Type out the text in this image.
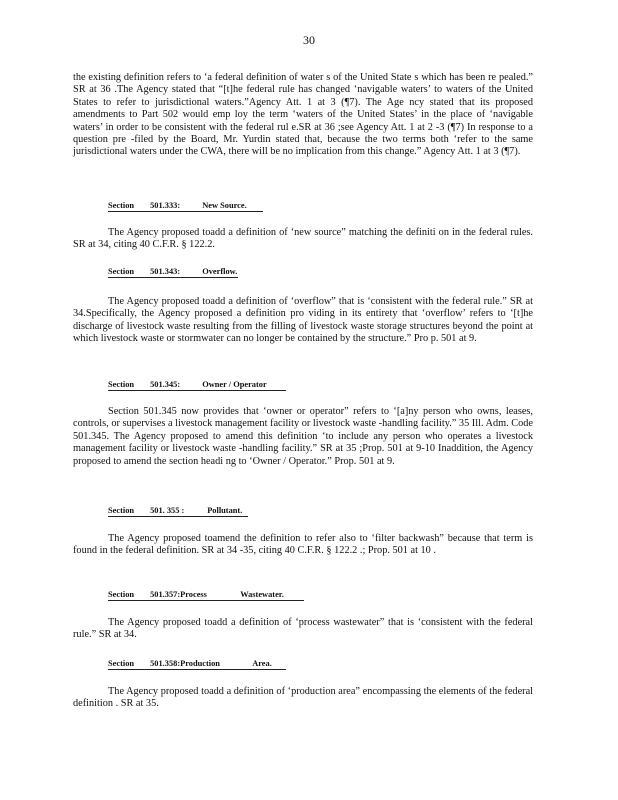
30

the existing definition refers to ‘a federal definition of water s of the United State s which has been re pealed.” SR at 36 .The Agency stated that “[t]he federal rule has changed ‘navigable waters’ to waters of the United States to refer to jurisdictional waters.”Agency Att. 1 at 3 (¶7). The Age ncy stated that its proposed amendments to Part 502 would emp loy the term ‘waters of the United States’ in the place of ‘navigable waters’ in order to be consistent with the federal rul e.SR at 36 ;see Agency Att. 1 at 2 -3 (¶7) In response to a question pre -filed by the Board, Mr. Yurdin stated that, because the two terms both ‘refer to the same jurisdictional waters under the CWA, there will be no implication from this change.” Agency Att. 1 at 3 (¶7).

Section 501.333:	New Source.

The Agency proposed toadd a definition of ‘new source” matching the definiti on in the federal rules. SR at 34, citing 40 C.F.R. § 122.2.

Section 501.343:	Overflow.

The Agency proposed toadd a definition of ‘overflow” that is ‘consistent with the federal rule.” SR at 34.Specifically, the Agency proposed a definition pro viding in its entirety that ‘overflow’ refers to ‘[t]he discharge of livestock waste resulting from the filling of livestock waste storage structures beyond the point at which livestock waste or stormwater can no longer be contained by the structure.” Pro p. 501 at 9.

Section 501.345:	Owner / Operator

Section 501.345 now provides that ‘owner or operator” refers to ‘[a]ny person who owns, leases, controls, or supervises a livestock management facility or livestock waste -handling facility.” 35 Ill. Adm. Code 501.345. The Agency proposed to amend this definition ‘to include any person who operates a livestock management facility or livestock waste -handling facility.” SR at 35 ;Prop. 501 at 9-10 Inaddition, the Agency proposed to amend the section headi ng to ‘Owner / Operator.” Prop. 501 at 9.

Section 501. 355 :	Pollutant.

The Agency proposed toamend the definition to refer also to ‘filter backwash” because that term is found in the federal definition. SR at 34 -35, citing 40 C.F.R. § 122.2 .; Prop. 501 at 10 .

Section 501.357:Process	Wastewater.

The Agency proposed toadd a definition of ‘process wastewater” that is ‘consistent with the federal rule.” SR at 34.

Section 501.358:Production	Area.

The Agency proposed toadd a definition of ‘production area” encompassing the elements of the federal definition . SR at 35.
